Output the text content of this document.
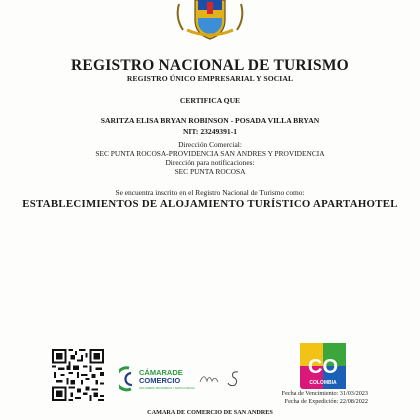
REGISTRO NACIONAL DE TURISMO
REGISTRO ÚNICO EMPRESARIAL Y SOCIAL
CERTIFICA QUE
SARITZA ELISA BRYAN ROBINSON - POSADA VILLA BRYAN
NIT: 23249391-1
Dirección Comercial:
SEC PUNTA ROCOSA-PROVIDENCIA SAN ANDRES Y PROVIDENCIA
Dirección para notificaciones:
SEC PUNTA ROCOSA
Se encuentra inscrito en el Registro Nacional de Turismo como:
ESTABLECIMIENTOS DE ALOJAMIENTO TURÍSTICO APARTAHOTEL
CÁMARADE
COMERCIO
SAN ANDRÉS, PROVIDENCIA Y SANTA CATALINA
CO
COLOMBIA
Fecha de Vencimiento: 31/03/2023
Fecha de Expedición: 22/08/2022
CAMARA DE COMERCIO DE SAN ANDRES
